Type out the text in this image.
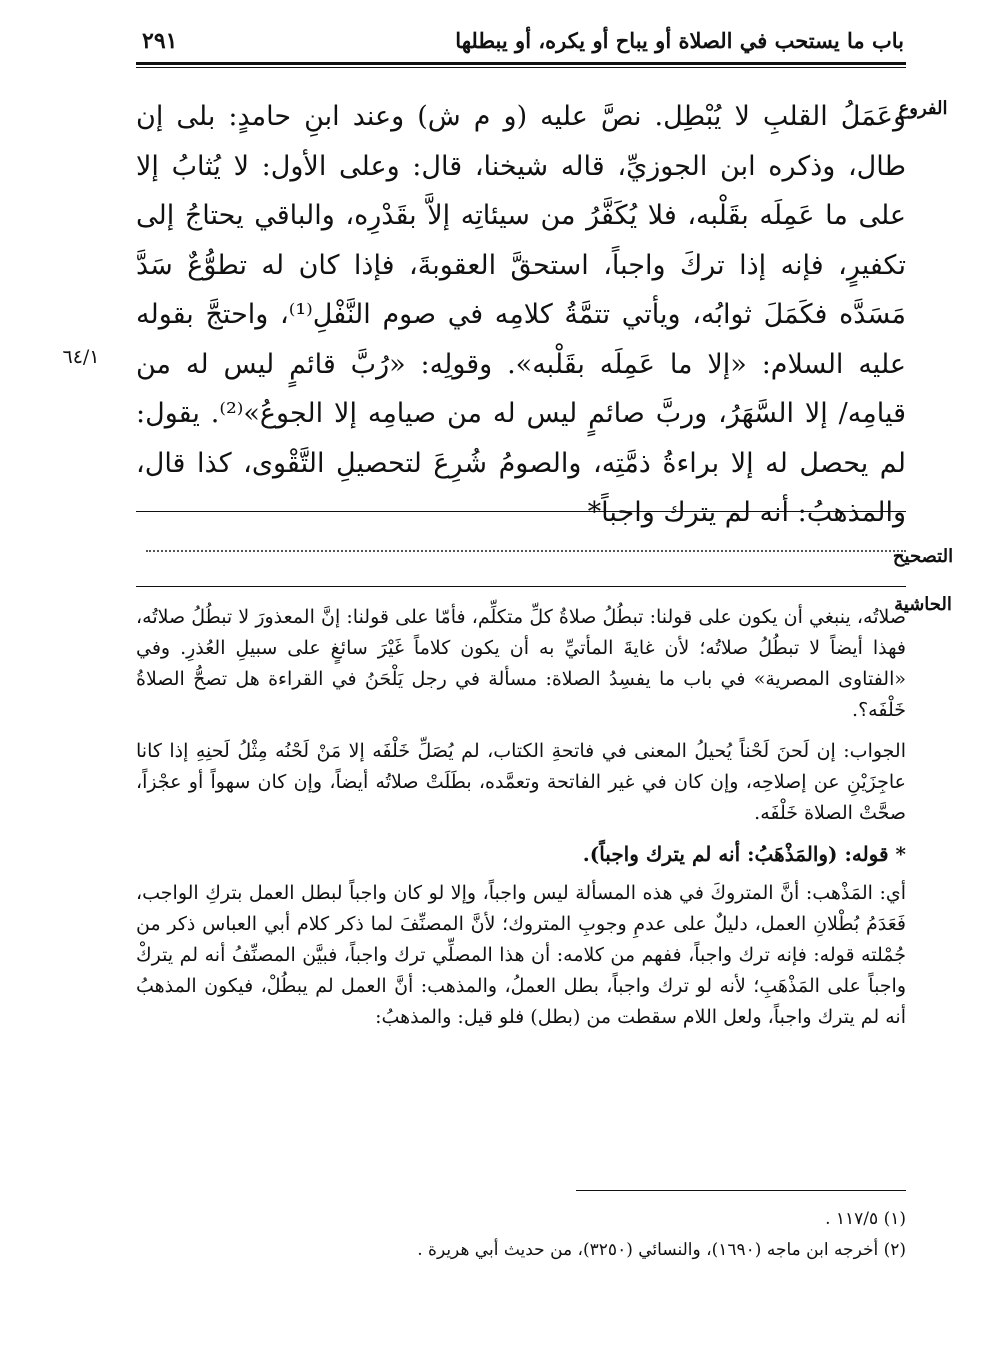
باب ما يستحب في الصلاة أو يباح أو يكره، أو يبطلها
٢٩١
الفروع
٦٤/١
التصحيح
الحاشية

وعَمَلُ القلبِ لا يُبْطِل. نصَّ عليه (و م ش) وعند ابنِ حامدٍ: بلى إن طال، وذكره ابن الجوزيِّ، قاله شيخنا، قال: وعلى الأول: لا يُثابُ إلا على ما عَمِلَه بقَلْبه، فلا يُكَفَّرُ من سيئاتِه إلاَّ بقَدْرِه، والباقي يحتاجُ إلى تكفيرٍ، فإنه إذا تركَ واجباً، استحقَّ العقوبةَ، فإذا كان له تطوُّعٌ سَدَّ مَسَدَّه فكَمَلَ ثوابُه، ويأتي تتمَّةُ كلامِه في صوم النَّفْلِ⁽¹⁾، واحتجَّ بقوله عليه السلام: «إلا ما عَمِلَه بقَلْبه». وقولِه: «رُبَّ قائمٍ ليس له من قيامِه/ إلا السَّهَرُ، وربَّ صائمٍ ليس له من صيامِه إلا الجوعُ»⁽²⁾. يقول: لم يحصل له إلا براءةُ ذمَّتِه، والصومُ شُرِعَ لتحصيلِ التَّقْوى، كذا قال، والمذهبُ: أنه لم يترك واجباً*

صلاتُه، ينبغي أن يكون على قولنا: تبطُلُ صلاةُ كلِّ متكلِّم، فأمّا على قولنا: إنَّ المعذورَ لا تبطُلُ صلاتُه، فهذا أيضاً لا تبطُلُ صلاتُه؛ لأن غايةَ المأتيِّ به أن يكون كلاماً غَيْرَ سائغٍ على سبيلِ العُذرِ. وفي «الفتاوى المصرية» في باب ما يفسِدُ الصلاة: مسألة في رجل يَلْحَنُ في القراءة هل تصحُّ الصلاةُ خَلْفَه؟.

الجواب: إن لَحنَ لَحْناً يُحيلُ المعنى في فاتحةِ الكتاب، لم يُصَلِّ خَلْفَه إلا مَنْ لَحْنُه مِثْلُ لَحنِهِ إذا كانا عاجِزَيْنِ عن إصلاحِه، وإن كان في غير الفاتحة وتعمَّده، بطَلَتْ صلاتُه أيضاً، وإن كان سهواً أو عجْزاً، صحَّتْ الصلاة خَلْفَه.

* قوله: (والمَذْهَبُ: أنه لم يترك واجباً).

أي: المَذْهب: أنَّ المتروكَ في هذه المسألة ليس واجباً، وإلا لو كان واجباً لبطل العمل بتركِ الواجب، فَعَدَمُ بُطْلانِ العمل، دليلٌ على عدمِ وجوبِ المتروك؛ لأنَّ المصنِّفَ لما ذكر كلام أبي العباس ذكر من جُمْلته قوله: فإنه ترك واجباً، ففهم من كلامه: أن هذا المصلِّي ترك واجباً، فبيَّن المصنِّفُ أنه لم يتركْ واجباً على المَذْهَبِ؛ لأنه لو ترك واجباً، بطل العملُ، والمذهب: أنَّ العمل لم يبطُلْ، فيكون المذهبُ أنه لم يترك واجباً، ولعل اللام سقطت من (بطل) فلو قيل: والمذهبُ:

(١) ١١٧/٥ .
(٢) أخرجه ابن ماجه (١٦٩٠)، والنسائي (٣٢٥٠)، من حديث أبي هريرة .
